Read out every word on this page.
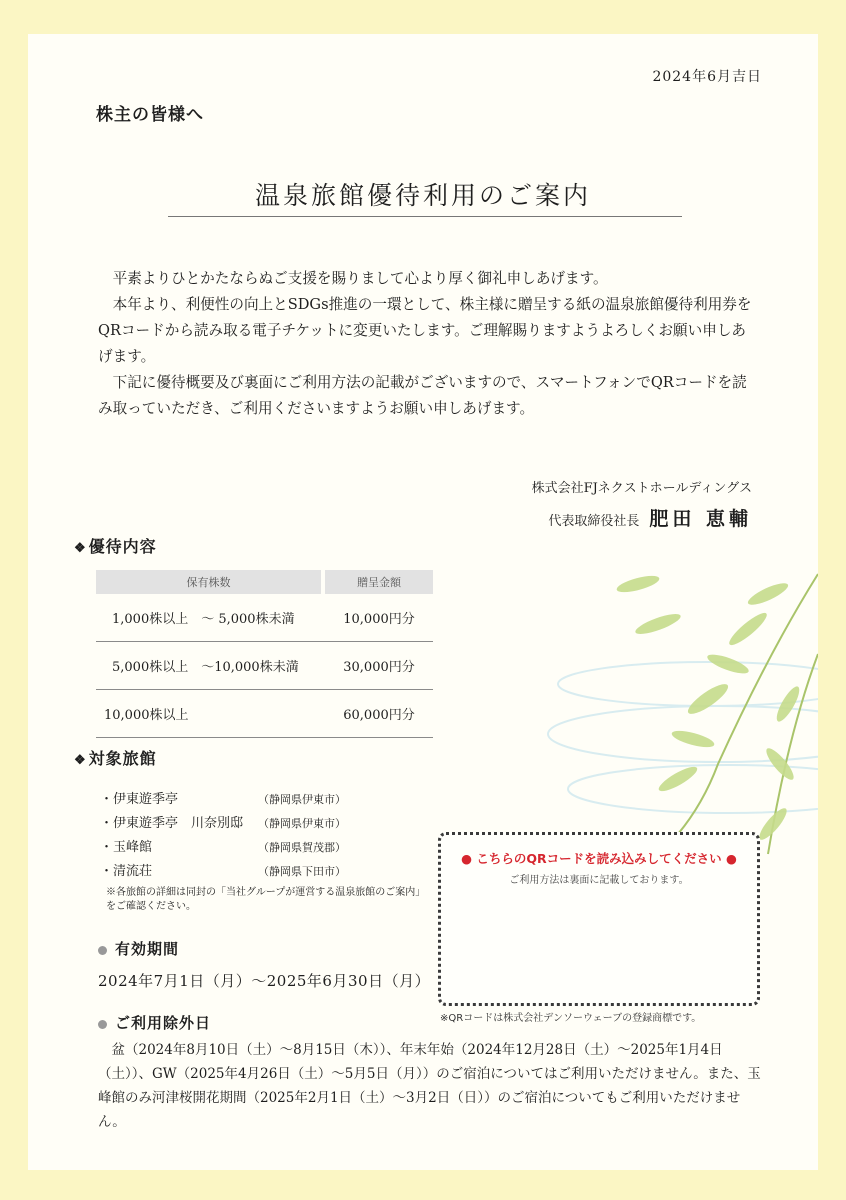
2024年6月吉日
株主の皆様へ
温泉旅館優待利用のご案内

平素よりひとかたならぬご支援を賜りまして心より厚く御礼申しあげます。

本年より、利便性の向上とSDGs推進の一環として、株主様に贈呈する紙の温泉旅館優待利用券をQRコードから読み取る電子チケットに変更いたします。ご理解賜りますようよろしくお願い申しあげます。

下記に優待概要及び裏面にご利用方法の記載がございますので、スマートフォンでQRコードを読み取っていただき、ご利用くださいますようお願い申しあげます。

株式会社FJネクストホールディングス
代表取締役社長 肥田 恵輔
❖ 優待内容
保有株数		贈呈金額
1,000株以上　～ 5,000株未満		10,000円分
5,000株以上　～10,000株未満		30,000円分
10,000株以上		60,000円分
❖ 対象旅館
・伊東遊季亭	（静岡県伊東市）
・伊東遊季亭　川奈別邸	（静岡県伊東市）
・玉峰館	（静岡県賀茂郡）
・清流荘	（静岡県下田市）
※各旅館の詳細は同封の「当社グループが運営する温泉旅館のご案内」をご確認ください。
有効期間
2024年7月1日（月）～2025年6月30日（月）
ご利用除外日

盆（2024年8月10日（土）～8月15日（木））、年末年始（2024年12月28日（土）～2025年1月4日（土））、GW（2025年4月26日（土）～5月5日（月））のご宿泊についてはご利用いただけません。また、玉峰館のみ河津桜開花期間（2025年2月1日（土）～3月2日（日））のご宿泊についてもご利用いただけません。

● こちらのQRコードを読み込みしてください ●
ご利用方法は裏面に記載しております。
※QRコードは株式会社デンソーウェーブの登録商標です。
